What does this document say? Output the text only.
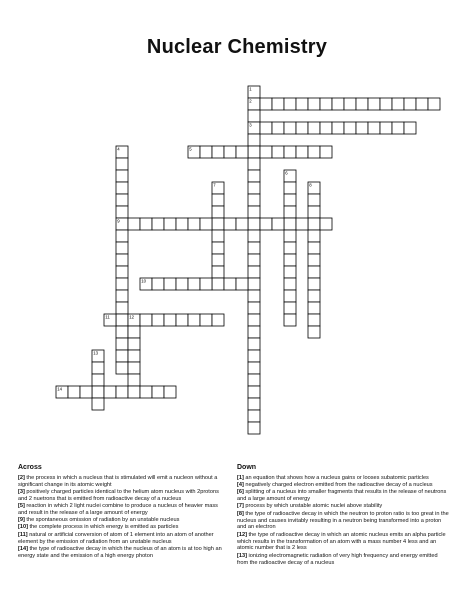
Nuclear Chemistry
1
2
3
4	5
6
7	8
9
10
11	12
13
14
Across
[2] the process in which a nucleus that is stimulated will emit a nucleon without a significant change in its atomic weight
[3] positively charged particles identical to the helium atom nucleus with 2protons and 2 nuetrons that is emitted from radioactive decay of a nucleus
[5] reaction in which 2 light nuclei combine to produce a nucleus of heavier mass and result in the release of a large amount of energy
[9] the spontaneous omission of radiation by an unstable nucleus
[10] the complete process in which energy is emitted as particles
[11] natural or artificial conversion of atom of 1 element into an atom of another element by the emission of radiation from an unstable nucleus
[14] the type of radioactive decay in which the nucleus of an atom is at too high an energy state and the emission of a high energy photon
Down
[1] an equation that shows how a nucleus gains or looses subatomic particles
[4] negatively charged electron emitted from the radioactive decay of a nucleus
[6] splitting of a nucleus into smaller fragments that results in the release of neutrons and a large amount of energy
[7] process by which unstable atomic nuclei above stability
[8] the type of radioactive decay in which the neutron to proton ratio is too great in the nucleus and causes invitably resulting in a neutron being transformed into a proton and an electron
[12] the type of radioactive decay in which an atomic nucleus emits an alpha particle which results in the transformation of an atom with a mass number 4 less and an atomic number that is 2 less
[13] ionizing electromagnetic radiation of very high frequency and energy emitted from the radioactive decay of a nucleus
